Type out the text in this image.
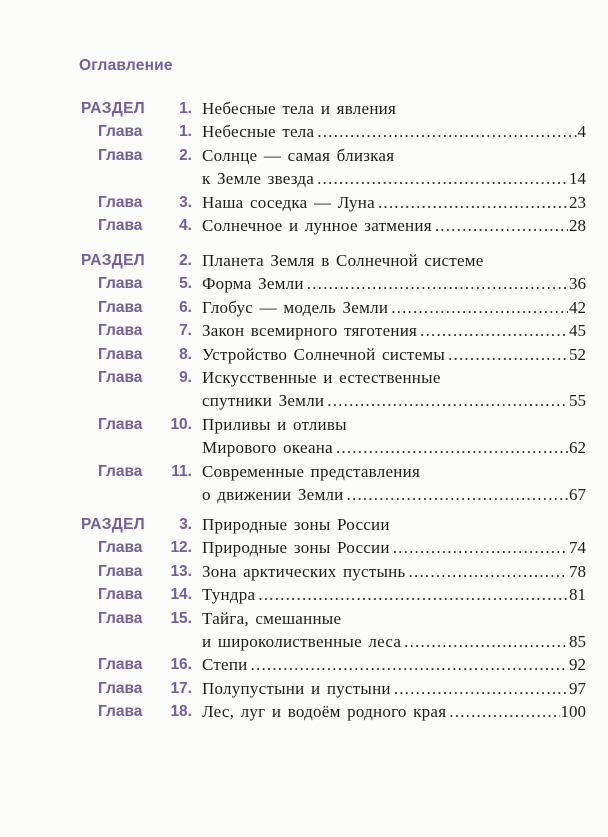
Оглавление
РАЗДЕЛ	1. Небесные тела и явления
Глава	1. Небесные тела .....	4
Глава	2. Солнце — самая близкая
к Земле звезда .....	14
Глава	3. Наша соседка — Луна .....	23
Глава	4. Солнечное и лунное затмения .....	28
РАЗДЕЛ	2. Планета Земля в Солнечной системе
Глава	5. Форма Земли .....	36
Глава	6. Глобус — модель Земли .....	42
Глава	7. Закон всемирного тяготения .....	45
Глава	8. Устройство Солнечной системы .....	52
Глава	9. Искусственные и естественные
спутники Земли .....	55
Глава	10. Приливы и отливы
Мирового океана .....	62
Глава	11. Современные представления
о движении Земли .....	67
РАЗДЕЛ	3. Природные зоны России
Глава	12. Природные зоны России .....	74
Глава	13. Зона арктических пустынь .....	78
Глава	14. Тундра .....	81
Глава	15. Тайга, смешанные
и широколиственные леса .....	85
Глава	16. Степи .....	92
Глава	17. Полупустыни и пустыни .....	97
Глава	18. Лес, луг и водоём родного края .....	100
